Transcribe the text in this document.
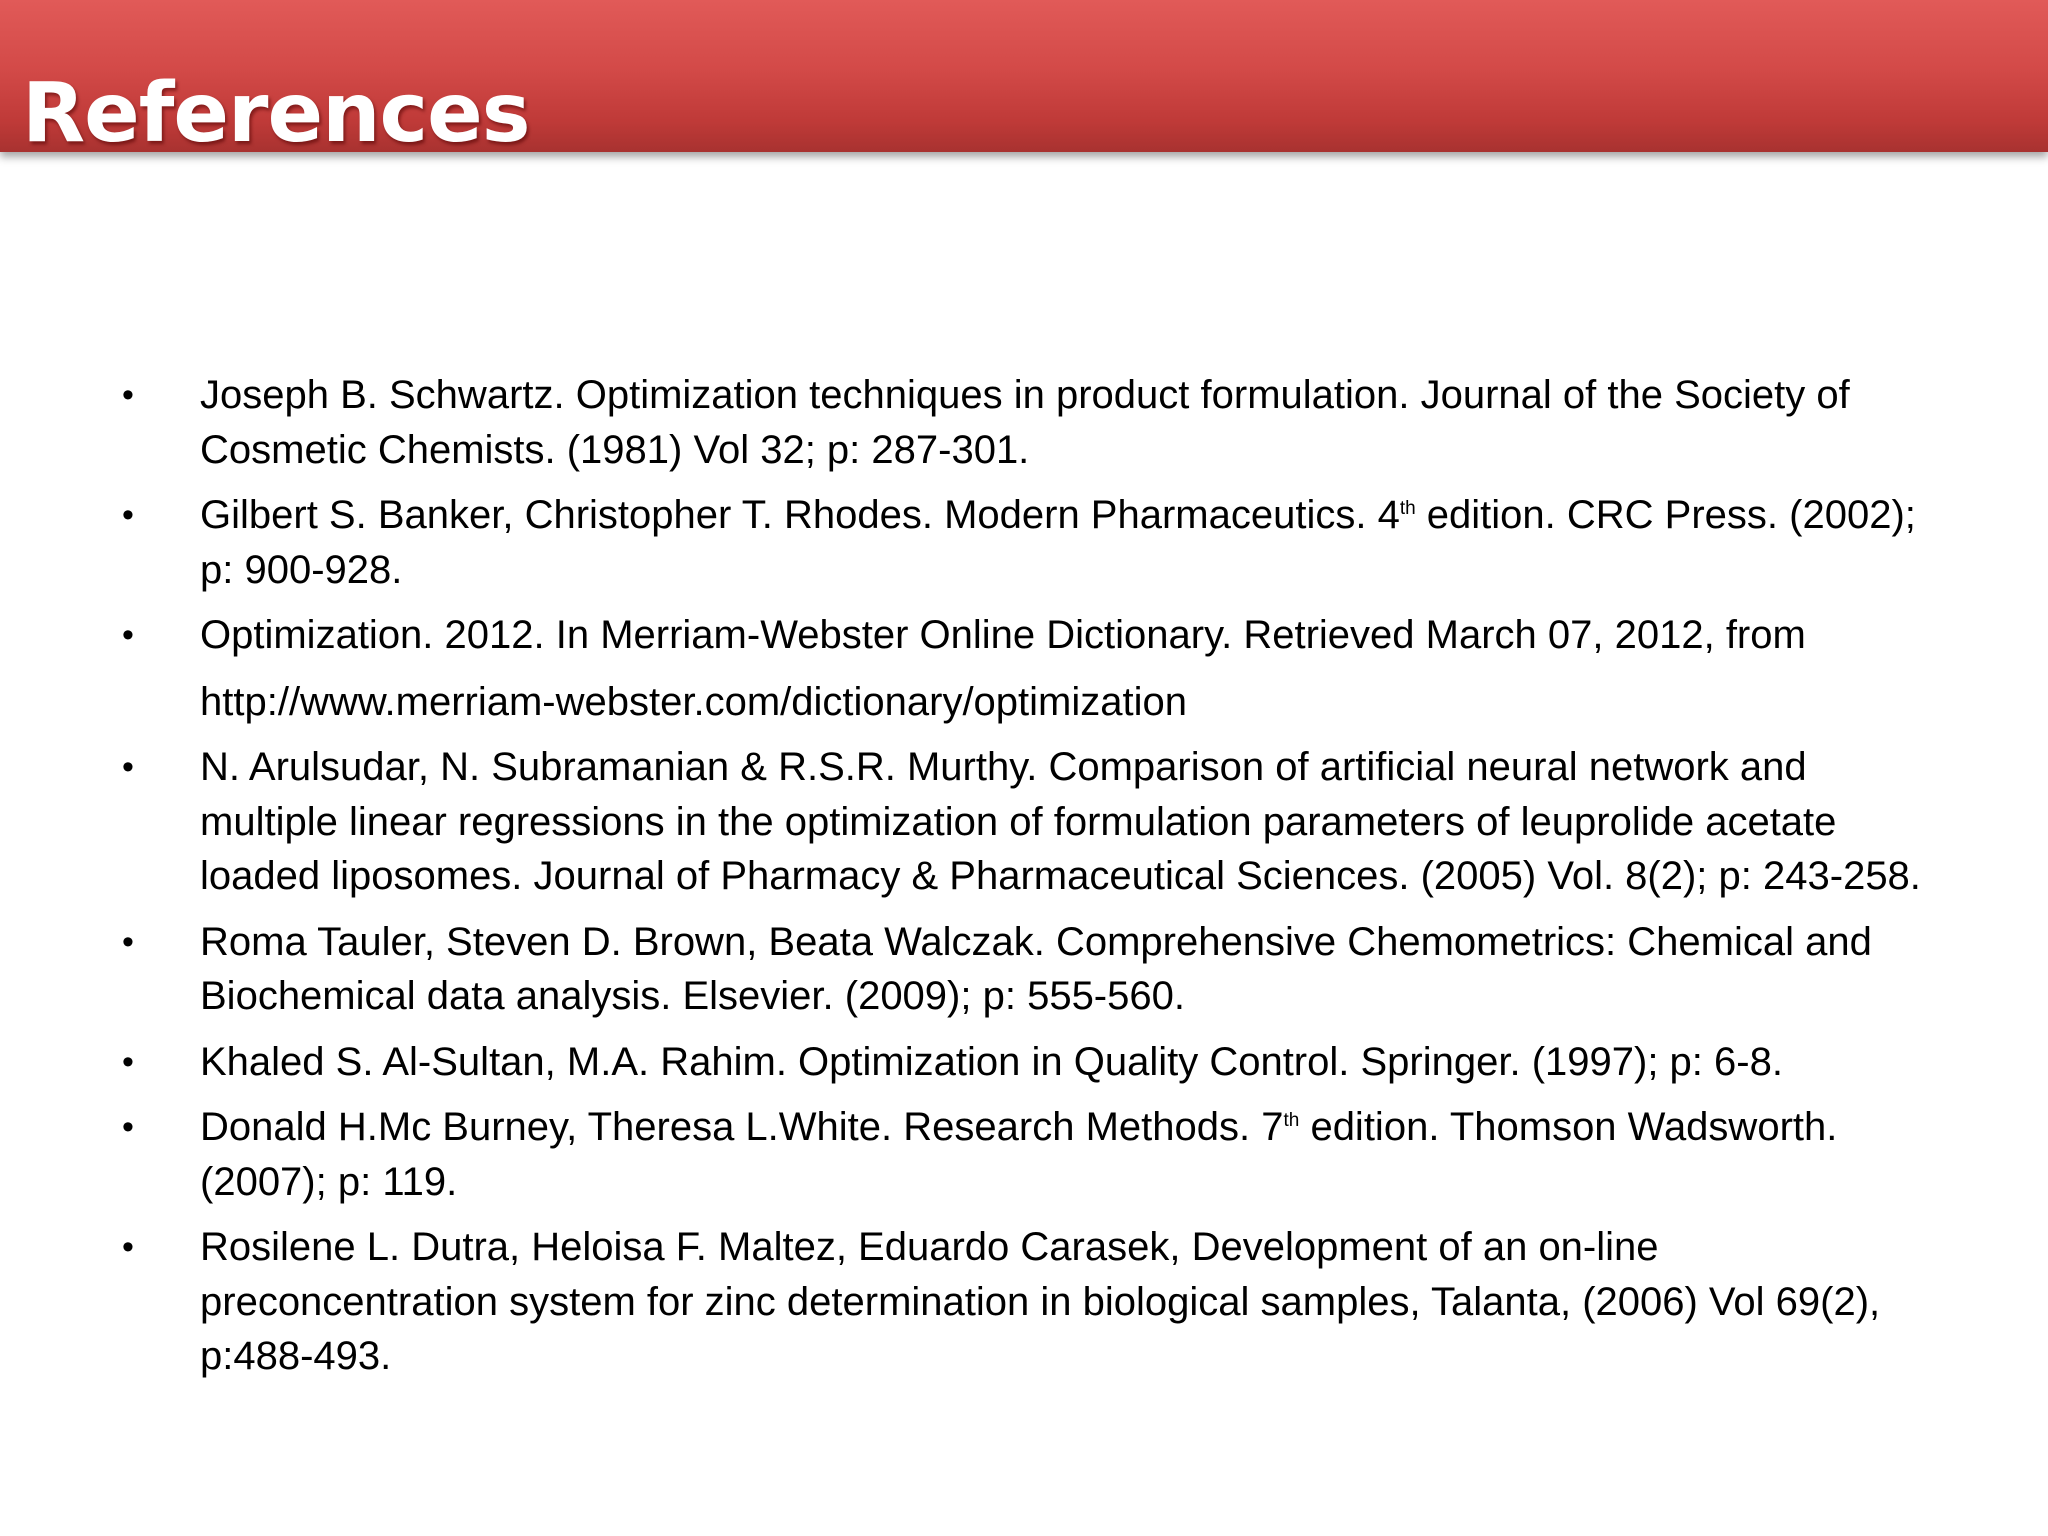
References
• Joseph B. Schwartz. Optimization techniques in product formulation. Journal of the Society of Cosmetic Chemists. (1981) Vol 32; p: 287-301.
• Gilbert S. Banker, Christopher T. Rhodes. Modern Pharmaceutics. 4th edition. CRC Press. (2002); p: 900-928.
• Optimization. 2012. In Merriam-Webster Online Dictionary. Retrieved March 07, 2012, from
http://www.merriam-webster.com/dictionary/optimization
• N. Arulsudar, N. Subramanian & R.S.R. Murthy. Comparison of artificial neural network and multiple linear regressions in the optimization of formulation parameters of leuprolide acetate loaded liposomes. Journal of Pharmacy & Pharmaceutical Sciences. (2005) Vol. 8(2); p: 243-258.
• Roma Tauler, Steven D. Brown, Beata Walczak. Comprehensive Chemometrics: Chemical and Biochemical data analysis. Elsevier. (2009); p: 555-560.
• Khaled S. Al-Sultan, M.A. Rahim. Optimization in Quality Control. Springer. (1997); p: 6-8.
• Donald H.Mc Burney, Theresa L.White. Research Methods. 7th edition. Thomson Wadsworth. (2007); p: 119.
• Rosilene L. Dutra, Heloisa F. Maltez, Eduardo Carasek, Development of an on-line preconcentration system for zinc determination in biological samples, Talanta, (2006) Vol 69(2), p:488-493.
